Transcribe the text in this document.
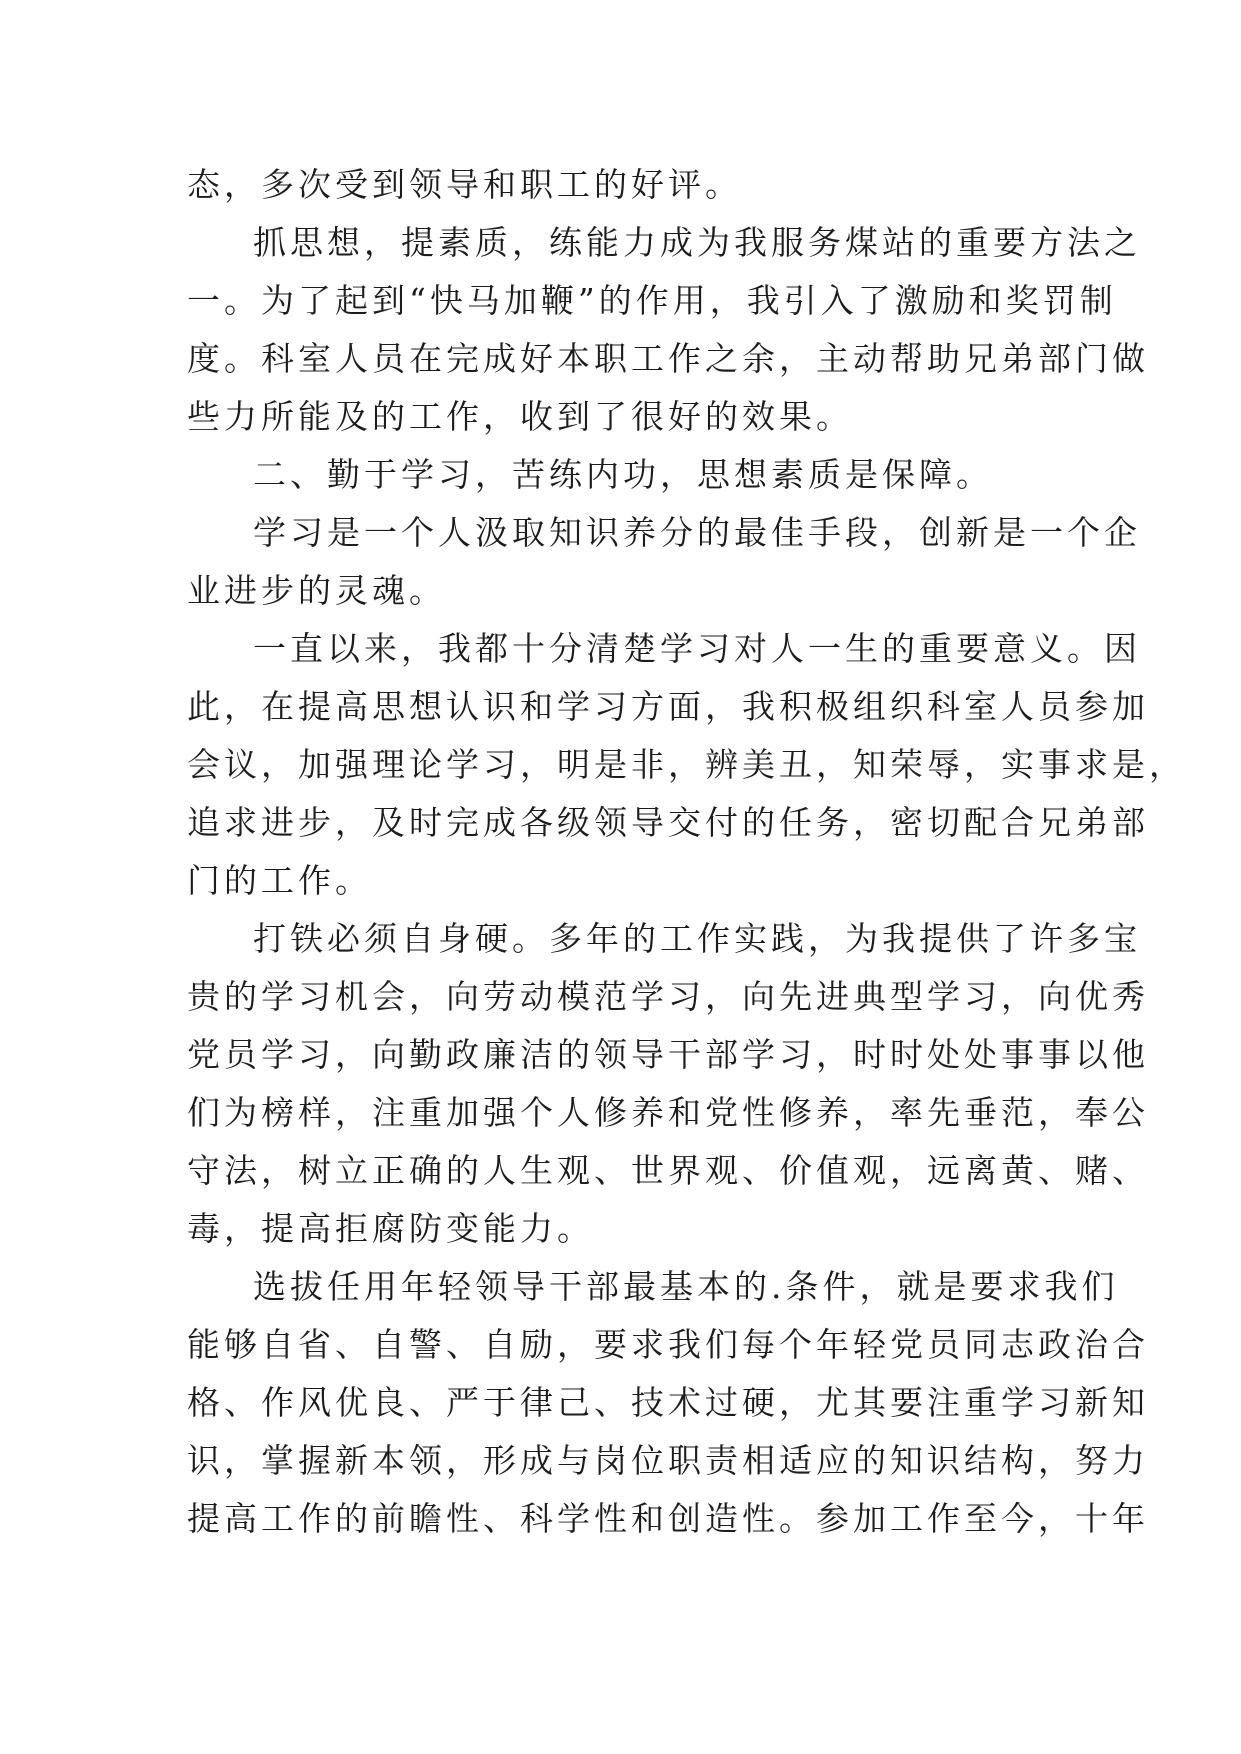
态，多次受到领导和职工的好评。
抓思想，提素质，练能力成为我服务煤站的重要方法之
一。为了起到“快马加鞭”的作用，我引入了激励和奖罚制
度。科室人员在完成好本职工作之余，主动帮助兄弟部门做
些力所能及的工作，收到了很好的效果。
二、勤于学习，苦练内功，思想素质是保障。
学习是一个人汲取知识养分的最佳手段，创新是一个企
业进步的灵魂。
一直以来，我都十分清楚学习对人一生的重要意义。因
此，在提高思想认识和学习方面，我积极组织科室人员参加
会议，加强理论学习，明是非，辨美丑，知荣辱，实事求是，
追求进步，及时完成各级领导交付的任务，密切配合兄弟部
门的工作。
打铁必须自身硬。多年的工作实践，为我提供了许多宝
贵的学习机会，向劳动模范学习，向先进典型学习，向优秀
党员学习，向勤政廉洁的领导干部学习，时时处处事事以他
们为榜样，注重加强个人修养和党性修养，率先垂范，奉公
守法，树立正确的人生观、世界观、价值观，远离黄、赌、
毒，提高拒腐防变能力。
选拔任用年轻领导干部最基本的.条件，就是要求我们
能够自省、自警、自励，要求我们每个年轻党员同志政治合
格、作风优良、严于律己、技术过硬，尤其要注重学习新知
识，掌握新本领，形成与岗位职责相适应的知识结构，努力
提高工作的前瞻性、科学性和创造性。参加工作至今，十年
